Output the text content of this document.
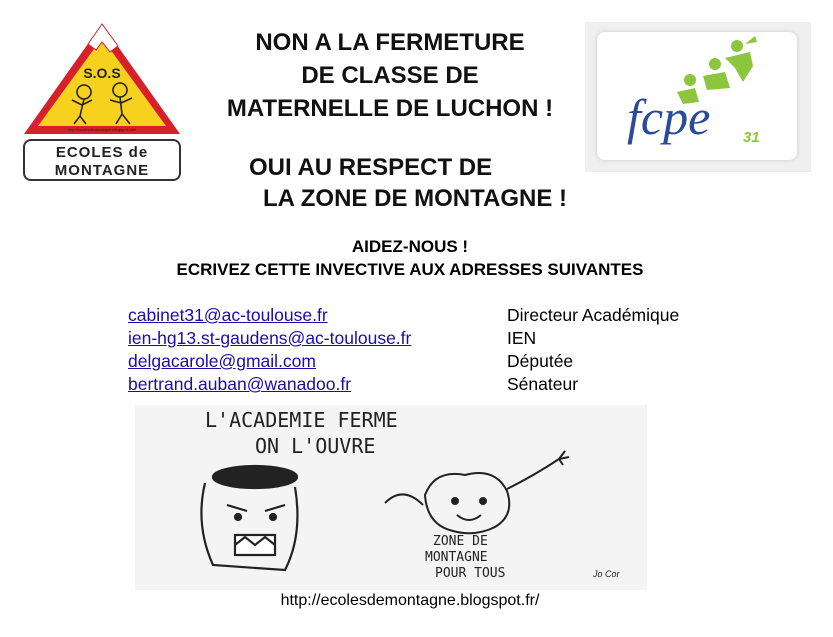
S.O.S
http://ecolesdemontagne.blogspot.com
ECOLES de
MONTAGNE
NON A LA FERMETURE
DE CLASSE DE
MATERNELLE DE LUCHON !
OUI AU RESPECT DE
LA ZONE DE MONTAGNE !
fcpe 31
AIDEZ-NOUS !
ECRIVEZ CETTE INVECTIVE AUX ADRESSES SUIVANTES
cabinet31@ac-toulouse.fr	Directeur Académique
ien-hg13.st-gaudens@ac-toulouse.fr	IEN
delgacarole@gmail.com	Députée
bertrand.auban@wanadoo.fr	Sénateur
L'ACADEMIE FERME
ON L'OUVRE
ZONE DE
MONTAGNE
POUR TOUS	Jo Cor
http://ecolesdemontagne.blogspot.fr/
